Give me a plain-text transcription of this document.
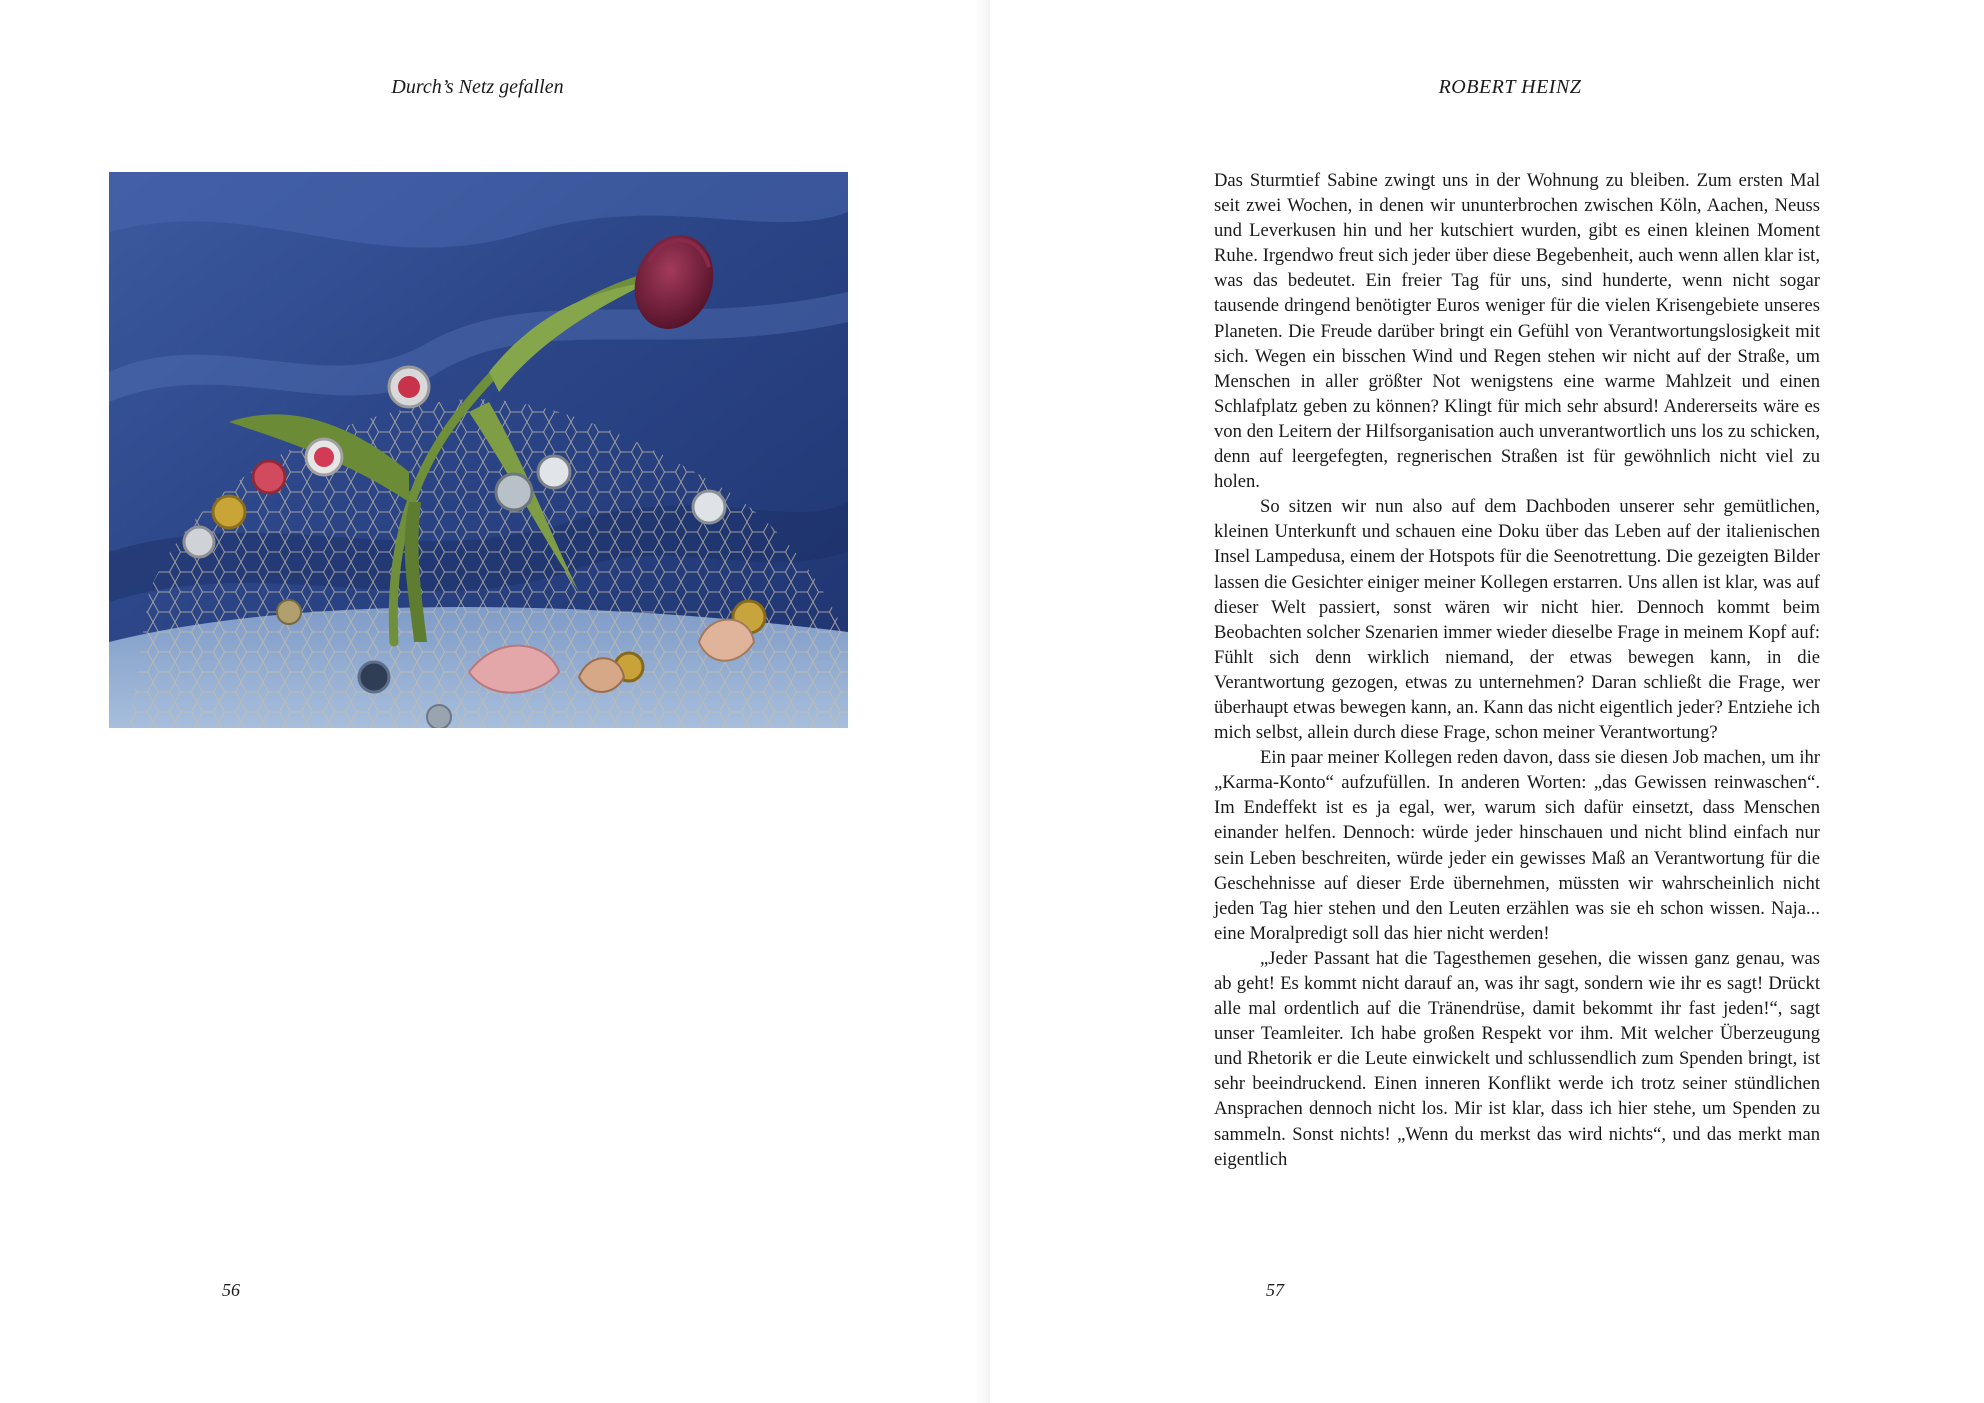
Durch’s Netz gefallen
56
ROBERT HEINZ

Das Sturmtief Sabine zwingt uns in der Wohnung zu bleiben. Zum ersten Mal seit zwei Wochen, in denen wir ununterbrochen zwischen Köln, Aachen, Neuss und Leverkusen hin und her kutschiert wurden, gibt es einen kleinen Moment Ruhe. Irgendwo freut sich jeder über diese Begebenheit, auch wenn allen klar ist, was das bedeutet. Ein freier Tag für uns, sind hunderte, wenn nicht sogar tausende dringend benötigter Euros weniger für die vielen Krisengebiete unseres Planeten. Die Freude darüber bringt ein Gefühl von Verantwortungslosigkeit mit sich. Wegen ein bisschen Wind und Regen stehen wir nicht auf der Straße, um Menschen in aller größter Not wenigstens eine warme Mahlzeit und einen Schlafplatz geben zu können? Klingt für mich sehr absurd! Andererseits wäre es von den Leitern der Hilfsorganisation auch unverantwortlich uns los zu schicken, denn auf leergefegten, regnerischen Straßen ist für gewöhnlich nicht viel zu holen.

So sitzen wir nun also auf dem Dachboden unserer sehr gemütlichen, kleinen Unterkunft und schauen eine Doku über das Leben auf der italienischen Insel Lampedusa, einem der Hotspots für die Seenotrettung. Die gezeigten Bilder lassen die Gesichter einiger meiner Kollegen erstarren. Uns allen ist klar, was auf dieser Welt passiert, sonst wären wir nicht hier. Dennoch kommt beim Beobachten solcher Szenarien immer wieder dieselbe Frage in meinem Kopf auf: Fühlt sich denn wirklich niemand, der etwas bewegen kann, in die Verantwortung gezogen, etwas zu unternehmen? Daran schließt die Frage, wer überhaupt etwas bewegen kann, an. Kann das nicht eigentlich jeder? Entziehe ich mich selbst, allein durch diese Frage, schon meiner Verantwortung?

Ein paar meiner Kollegen reden davon, dass sie diesen Job machen, um ihr „Karma-Konto“ aufzufüllen. In anderen Worten: „das Gewissen reinwaschen“. Im Endeffekt ist es ja egal, wer, warum sich dafür einsetzt, dass Menschen einander helfen. Dennoch: würde jeder hinschauen und nicht blind einfach nur sein Leben beschreiten, würde jeder ein gewisses Maß an Verantwortung für die Geschehnisse auf dieser Erde übernehmen, müssten wir wahrscheinlich nicht jeden Tag hier stehen und den Leuten erzählen was sie eh schon wissen. Naja... eine Moralpredigt soll das hier nicht werden!

„Jeder Passant hat die Tagesthemen gesehen, die wissen ganz genau, was ab geht! Es kommt nicht darauf an, was ihr sagt, sondern wie ihr es sagt! Drückt alle mal ordentlich auf die Tränendrüse, damit bekommt ihr fast jeden!“, sagt unser Teamleiter. Ich habe großen Respekt vor ihm. Mit welcher Überzeugung und Rhetorik er die Leute einwickelt und schlussendlich zum Spenden bringt, ist sehr beeindruckend. Einen inneren Konflikt werde ich trotz seiner stündlichen Ansprachen dennoch nicht los. Mir ist klar, dass ich hier stehe, um Spenden zu sammeln. Sonst nichts! „Wenn du merkst das wird nichts“, und das merkt man eigentlich

57
